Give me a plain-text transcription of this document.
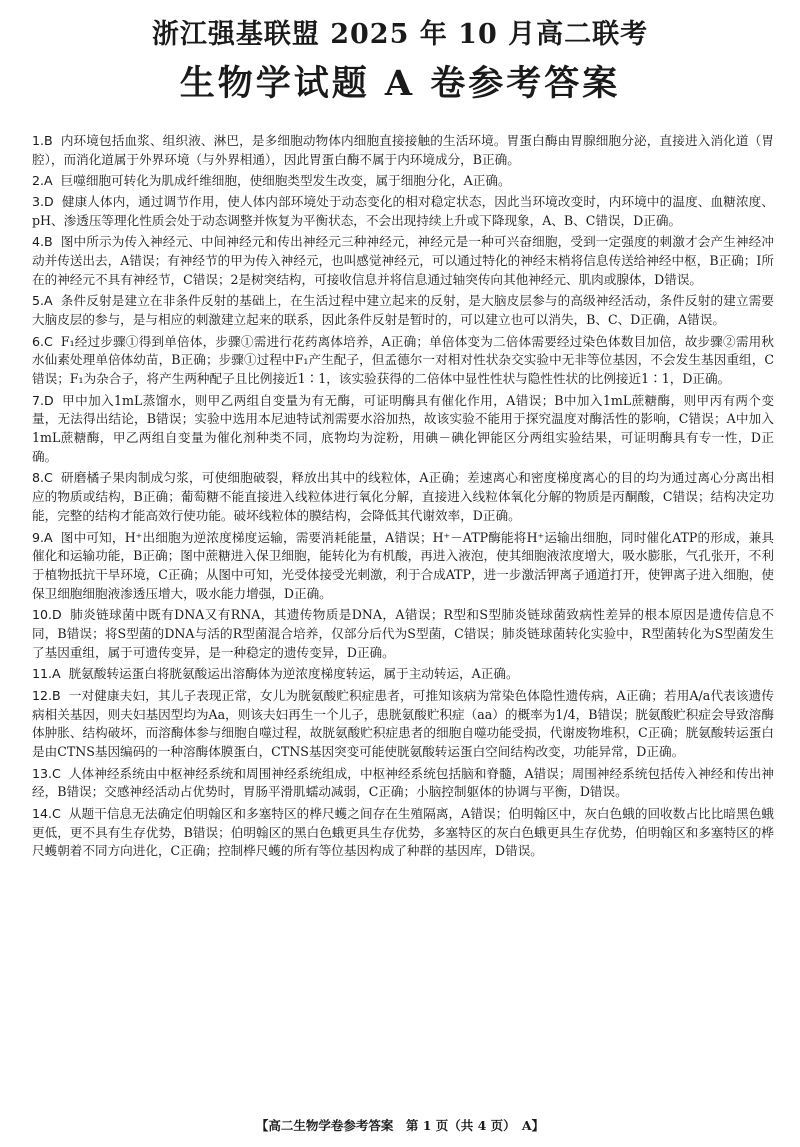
浙江强基联盟 2025 年 10 月高二联考
生物学试题 A 卷参考答案

1.B 内环境包括血浆、组织液、淋巴，是多细胞动物体内细胞直接接触的生活环境。胃蛋白酶由胃腺细胞分泌，直接进入消化道（胃腔），而消化道属于外界环境（与外界相通），因此胃蛋白酶不属于内环境成分，B正确。

2.A 巨噬细胞可转化为肌成纤维细胞，使细胞类型发生改变，属于细胞分化，A正确。

3.D 健康人体内，通过调节作用，使人体内部环境处于动态变化的相对稳定状态，因此当环境改变时，内环境中的温度、血糖浓度、pH、渗透压等理化性质会处于动态调整并恢复为平衡状态，不会出现持续上升或下降现象，A、B、C错误，D正确。

4.B 图中所示为传入神经元、中间神经元和传出神经元三种神经元，神经元是一种可兴奋细胞，受到一定强度的刺激才会产生神经冲动并传送出去，A错误；有神经节的甲为传入神经元，也叫感觉神经元，可以通过特化的神经末梢将信息传送给神经中枢，B正确；Ⅰ所在的神经元不具有神经节，C错误；2是树突结构，可接收信息并将信息通过轴突传向其他神经元、肌肉或腺体，D错误。

5.A 条件反射是建立在非条件反射的基础上，在生活过程中建立起来的反射，是大脑皮层参与的高级神经活动，条件反射的建立需要大脑皮层的参与，是与相应的刺激建立起来的联系，因此条件反射是暂时的，可以建立也可以消失，B、C、D正确，A错误。

6.C F₁经过步骤①得到单倍体，步骤①需进行花药离体培养，A正确；单倍体变为二倍体需要经过染色体数目加倍，故步骤②需用秋水仙素处理单倍体幼苗，B正确；步骤①过程中F₁产生配子，但孟德尔一对相对性状杂交实验中无非等位基因，不会发生基因重组，C错误；F₁为杂合子，将产生两种配子且比例接近1∶1，该实验获得的二倍体中显性性状与隐性性状的比例接近1∶1，D正确。

7.D 甲中加入1mL蒸馏水，则甲乙两组自变量为有无酶，可证明酶具有催化作用，A错误；B中加入1mL蔗糖酶，则甲丙有两个变量，无法得出结论，B错误；实验中选用本尼迪特试剂需要水浴加热，故该实验不能用于探究温度对酶活性的影响，C错误；A中加入1mL蔗糖酶，甲乙两组自变量为催化剂种类不同，底物均为淀粉，用碘－碘化钾能区分两组实验结果，可证明酶具有专一性，D正确。

8.C 研磨橘子果肉制成匀浆，可使细胞破裂，释放出其中的线粒体，A正确；差速离心和密度梯度离心的目的均为通过离心分离出相应的物质或结构，B正确；葡萄糖不能直接进入线粒体进行氧化分解，直接进入线粒体氧化分解的物质是丙酮酸，C错误；结构决定功能，完整的结构才能高效行使功能。破坏线粒体的膜结构，会降低其代谢效率，D正确。

9.A 图中可知，H⁺出细胞为逆浓度梯度运输，需要消耗能量，A错误；H⁺－ATP酶能将H⁺运输出细胞，同时催化ATP的形成，兼具催化和运输功能，B正确；图中蔗糖进入保卫细胞，能转化为有机酸，再进入液泡，使其细胞液浓度增大，吸水膨胀，气孔张开，不利于植物抵抗干旱环境，C正确；从图中可知，光受体接受光刺激，利于合成ATP，进一步激活钾离子通道打开，使钾离子进入细胞，使保卫细胞细胞液渗透压增大，吸水能力增强，D正确。

10.D 肺炎链球菌中既有DNA又有RNA，其遗传物质是DNA，A错误；R型和S型肺炎链球菌致病性差异的根本原因是遗传信息不同，B错误；将S型菌的DNA与活的R型菌混合培养，仅部分后代为S型菌，C错误；肺炎链球菌转化实验中，R型菌转化为S型菌发生了基因重组，属于可遗传变异，是一种稳定的遗传变异，D正确。

11.A 胱氨酸转运蛋白将胱氨酸运出溶酶体为逆浓度梯度转运，属于主动转运，A正确。

12.B 一对健康夫妇，其儿子表现正常，女儿为胱氨酸贮积症患者，可推知该病为常染色体隐性遗传病，A正确；若用A/a代表该遗传病相关基因，则夫妇基因型均为Aa，则该夫妇再生一个儿子，患胱氨酸贮积症（aa）的概率为1/4，B错误；胱氨酸贮积症会导致溶酶体肿胀、结构破坏，而溶酶体参与细胞自噬过程，故胱氨酸贮积症患者的细胞自噬功能受损，代谢废物堆积，C正确；胱氨酸转运蛋白是由CTNS基因编码的一种溶酶体膜蛋白，CTNS基因突变可能使胱氨酸转运蛋白空间结构改变，功能异常，D正确。

13.C 人体神经系统由中枢神经系统和周围神经系统组成，中枢神经系统包括脑和脊髓，A错误；周围神经系统包括传入神经和传出神经，B错误；交感神经活动占优势时，胃肠平滑肌蠕动减弱，C正确；小脑控制躯体的协调与平衡，D错误。

14.C 从题干信息无法确定伯明翰区和多塞特区的桦尺蠖之间存在生殖隔离，A错误；伯明翰区中，灰白色蛾的回收数占比比暗黑色蛾更低，更不具有生存优势，B错误；伯明翰区的黑白色蛾更具生存优势，多塞特区的灰白色蛾更具生存优势，伯明翰区和多塞特区的桦尺蠖朝着不同方向进化，C正确；控制桦尺蠖的所有等位基因构成了种群的基因库，D错误。

【高二生物学卷参考答案　第 1 页（共 4 页）　A】
